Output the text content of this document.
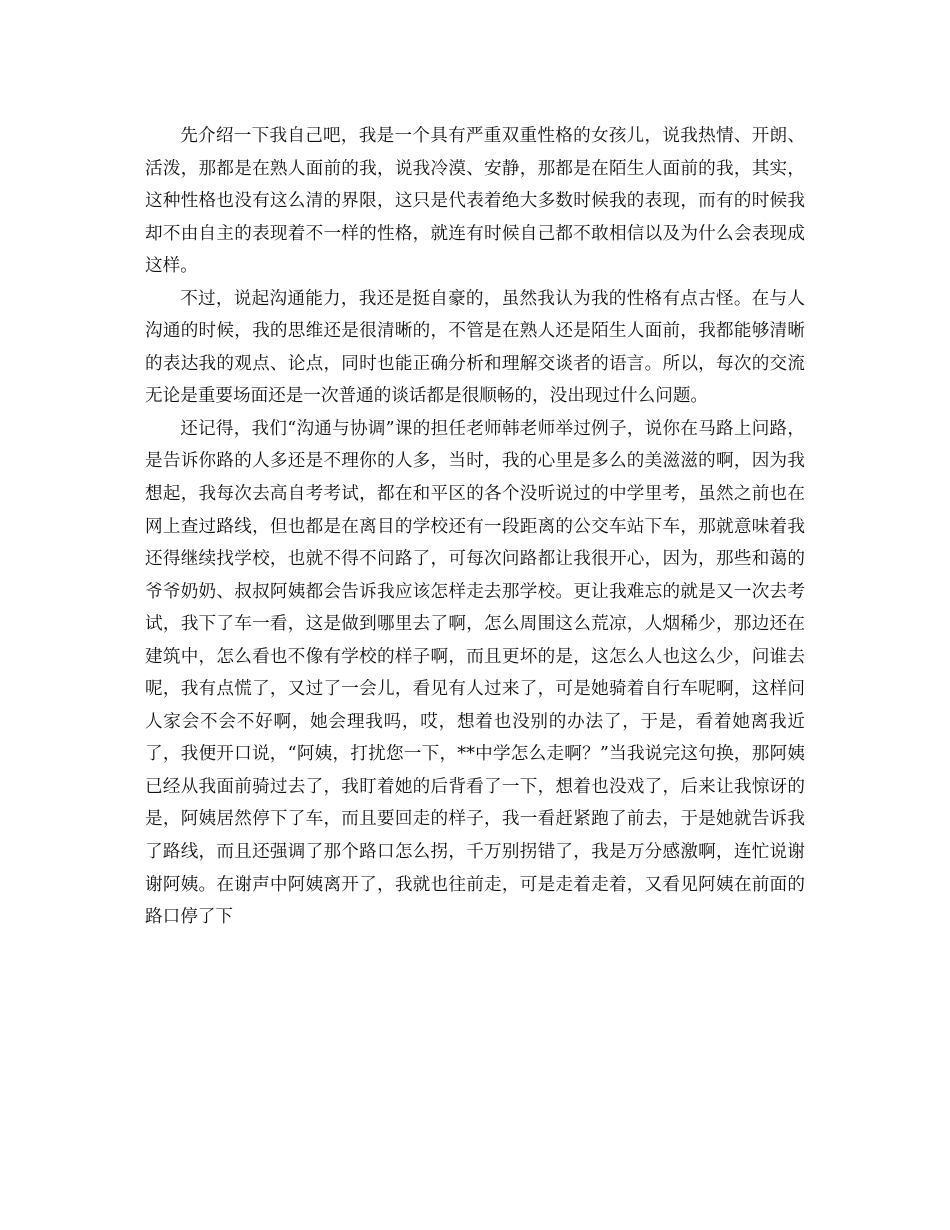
先介绍一下我自己吧，我是一个具有严重双重性格的女孩儿，说我热情、开朗、活泼，那都是在熟人面前的我，说我冷漠、安静，那都是在陌生人面前的我，其实，这种性格也没有这么清的界限，这只是代表着绝大多数时候我的表现，而有的时候我却不由自主的表现着不一样的性格，就连有时候自己都不敢相信以及为什么会表现成这样。

不过，说起沟通能力，我还是挺自豪的，虽然我认为我的性格有点古怪。在与人沟通的时候，我的思维还是很清晰的，不管是在熟人还是陌生人面前，我都能够清晰的表达我的观点、论点，同时也能正确分析和理解交谈者的语言。所以，每次的交流无论是重要场面还是一次普通的谈话都是很顺畅的，没出现过什么问题。

还记得，我们“沟通与协调”课的担任老师韩老师举过例子，说你在马路上问路，是告诉你路的人多还是不理你的人多，当时，我的心里是多么的美滋滋的啊，因为我想起，我每次去高自考考试，都在和平区的各个没听说过的中学里考，虽然之前也在网上查过路线，但也都是在离目的学校还有一段距离的公交车站下车，那就意味着我还得继续找学校，也就不得不问路了，可每次问路都让我很开心，因为，那些和蔼的爷爷奶奶、叔叔阿姨都会告诉我应该怎样走去那学校。更让我难忘的就是又一次去考试，我下了车一看，这是做到哪里去了啊，怎么周围这么荒凉，人烟稀少，那边还在建筑中，怎么看也不像有学校的样子啊，而且更坏的是，这怎么人也这么少，问谁去呢，我有点慌了，又过了一会儿，看见有人过来了，可是她骑着自行车呢啊，这样问人家会不会不好啊，她会理我吗，哎，想着也没别的办法了，于是，看着她离我近了，我便开口说，“阿姨，打扰您一下，**中学怎么走啊？”当我说完这句换，那阿姨已经从我面前骑过去了，我盯着她的后背看了一下，想着也没戏了，后来让我惊讶的是，阿姨居然停下了车，而且要回走的样子，我一看赶紧跑了前去，于是她就告诉我了路线，而且还强调了那个路口怎么拐，千万别拐错了，我是万分感激啊，连忙说谢谢阿姨。在谢声中阿姨离开了，我就也往前走，可是走着走着，又看见阿姨在前面的路口停了下
